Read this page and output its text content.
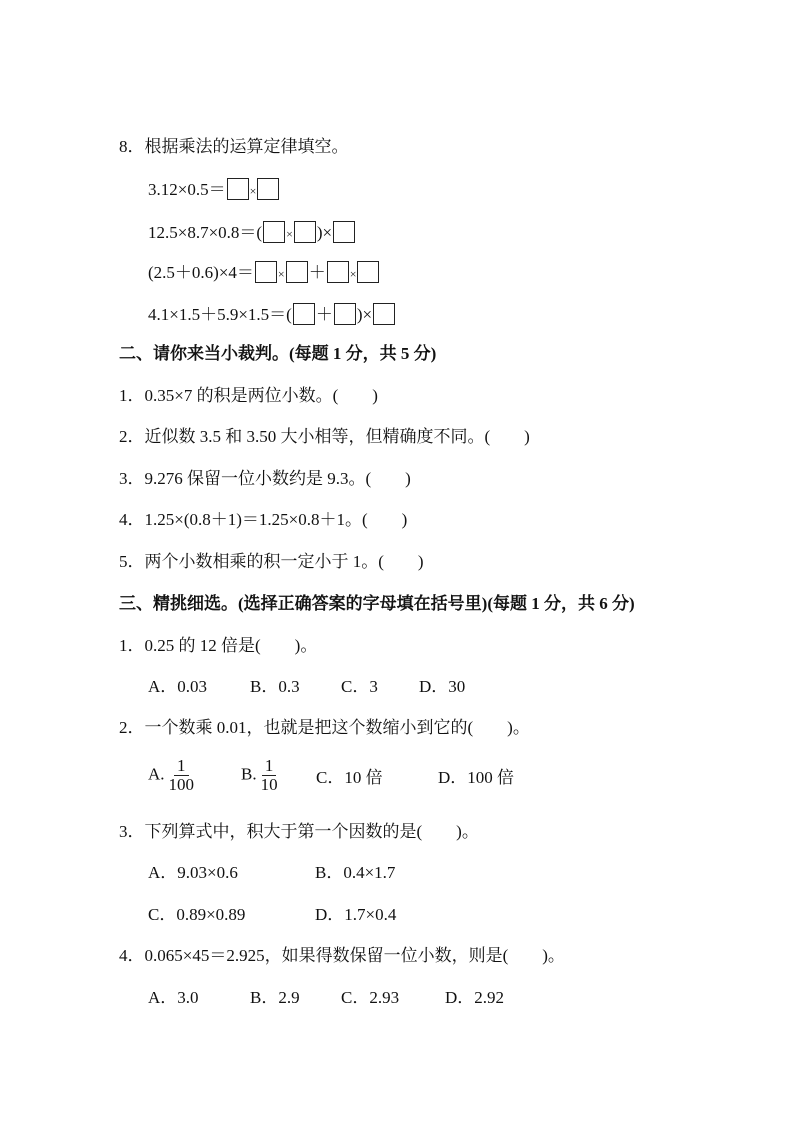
8．根据乘法的运算定律填空。
3.12×0.5＝ ×
12.5×8.7×0.8＝( × )×
(2.5＋0.6)×4＝ × ＋ ×
4.1×1.5＋5.9×1.5＝( ＋ )×
二、请你来当小裁判。(每题 1 分，共 5 分)
1．0.35×7 的积是两位小数。(　　)
2．近似数 3.5 和 3.50 大小相等，但精确度不同。(　　)
3．9.276 保留一位小数约是 9.3。(　　)
4．1.25×(0.8＋1)＝1.25×0.8＋1。(　　)
5．两个小数相乘的积一定小于 1。(　　)
三、精挑细选。(选择正确答案的字母填在括号里)(每题 1 分，共 6 分)
1．0.25 的 12 倍是(　　)。
A．0.03	B．0.3 C．3 D．30
2．一个数乘 0.01，也就是把这个数缩小到它的(　　)。
A. $\frac{1}{100}$	B. $\frac{1}{10}$ C．10 倍	D．100 倍
3．下列算式中，积大于第一个因数的是(　　)。
A．9.03×0.6	B．0.4×1.7
C．0.89×0.89	D．1.7×0.4
4．0.065×45＝2.925，如果得数保留一位小数，则是(　　)。
A．3.0	B．2.9 C．2.93	D．2.92
